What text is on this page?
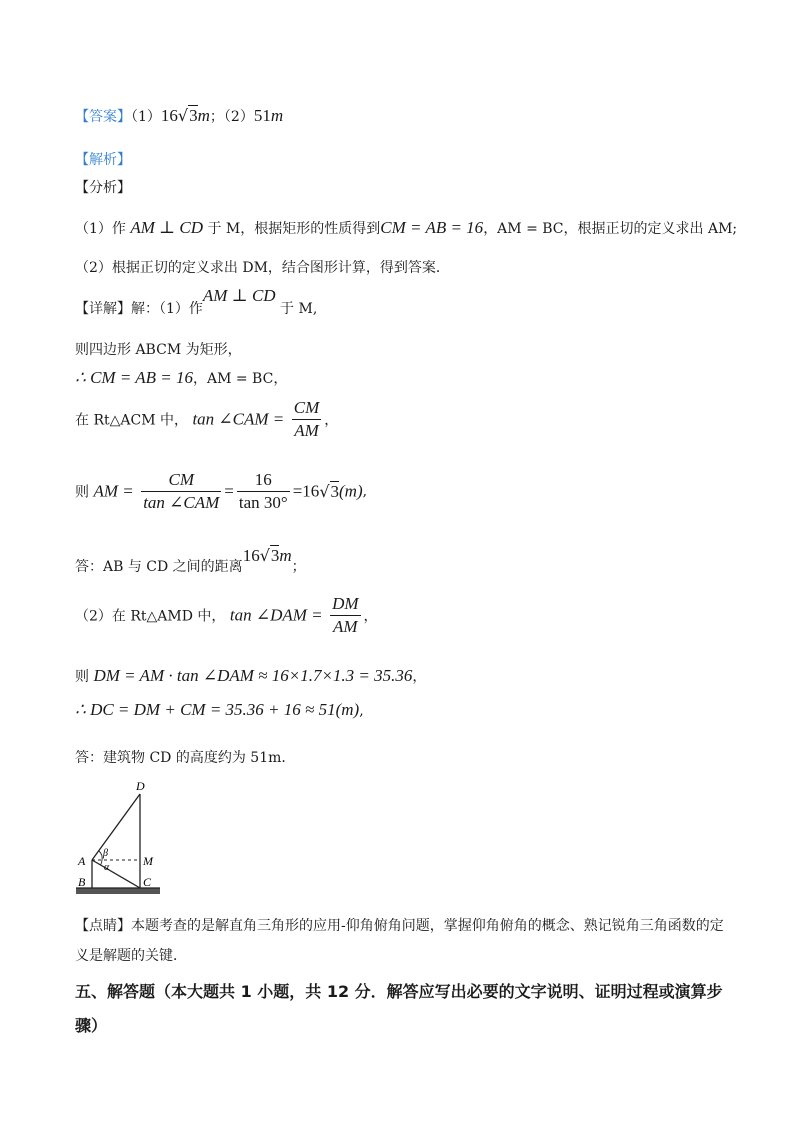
【答案】（1）16√3m；（2）51m
【解析】
【分析】
（1）作 AM ⊥ CD 于 M，根据矩形的性质得到CM = AB = 16，AM = BC，根据正切的定义求出 AM;
（2）根据正切的定义求出 DM，结合图形计算，得到答案．
【详解】解：（1）作AM ⊥ CD 于 M,
则四边形 ABCM 为矩形，
∴ CM = AB = 16，AM = BC，
在 Rt△ACM 中， tan ∠CAM = $\frac{CM}{AM}$ ，
则 AM = $\frac{CM}{\text{tan ∠CAM}} = \frac{16}{\tan 30^\circ} =16√3(m)$,
答：AB 与 CD 之间的距离16√3m；
（2）在 Rt△AMD 中， tan ∠DAM = $\frac{DM}{AM}$ ，
则 DM = AM · tan ∠DAM ≈ 16×1.7×1.3 = 35.36，
∴ DC = DM + CM = 35.36 + 16 ≈ 51(m),
答：建筑物 CD 的高度约为 51m．
D
A	M
B	C
β
α
【点睛】本题考查的是解直角三角形的应用-仰角俯角问题，掌握仰角俯角的概念、熟记锐角三角函数的定
义是解题的关键．
五、解答题（本大题共 1 小题，共 12 分．解答应写出必要的文字说明、证明过程或演算步
骤）
